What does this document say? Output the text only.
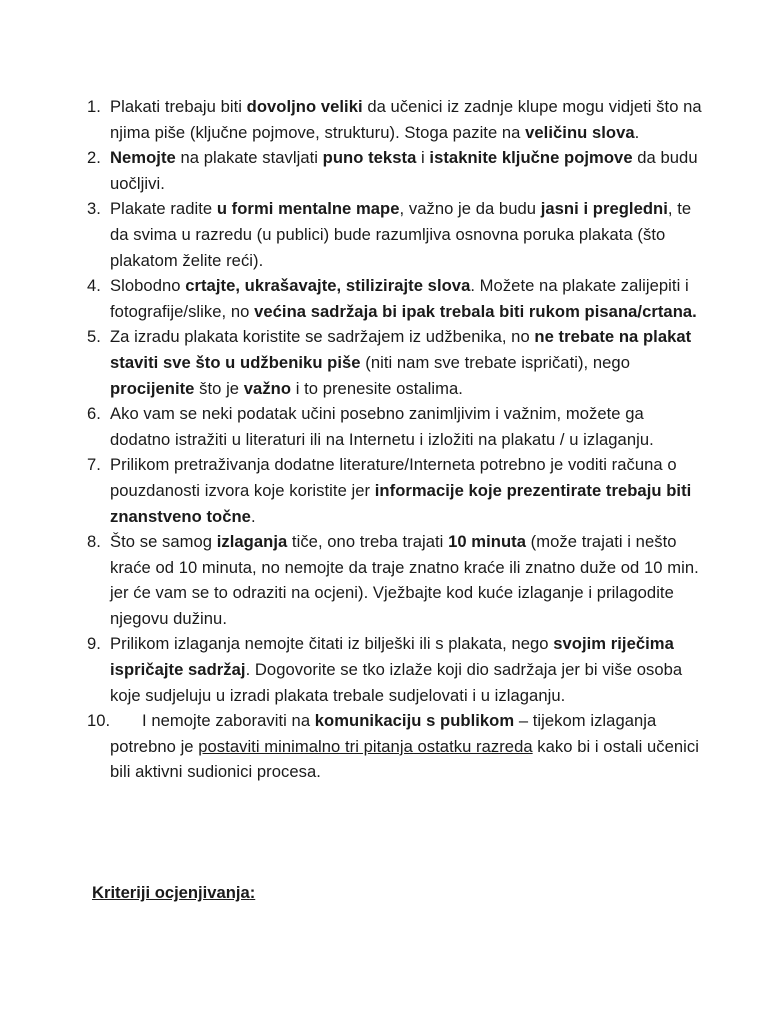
1. Plakati trebaju biti dovoljno veliki da učenici iz zadnje klupe mogu vidjeti što na njima piše (ključne pojmove, strukturu). Stoga pazite na veličinu slova.
2. Nemojte na plakate stavljati puno teksta i istaknite ključne pojmove da budu uočljivi.
3. Plakate radite u formi mentalne mape, važno je da budu jasni i pregledni, te da svima u razredu (u publici) bude razumljiva osnovna poruka plakata (što plakatom želite reći).
4. Slobodno crtajte, ukrašavajte, stilizirajte slova. Možete na plakate zalijepiti i fotografije/slike, no većina sadržaja bi ipak trebala biti rukom pisana/crtana.
5. Za izradu plakata koristite se sadržajem iz udžbenika, no ne trebate na plakat staviti sve što u udžbeniku piše (niti nam sve trebate ispričati), nego procijenite što je važno i to prenesite ostalima.
6. Ako vam se neki podatak učini posebno zanimljivim i važnim, možete ga dodatno istražiti u literaturi ili na Internetu i izložiti na plakatu / u izlaganju.
7. Prilikom pretraživanja dodatne literature/Interneta potrebno je voditi računa o pouzdanosti izvora koje koristite jer informacije koje prezentirate trebaju biti znanstveno točne.
8. Što se samog izlaganja tiče, ono treba trajati 10 minuta (može trajati i nešto kraće od 10 minuta, no nemojte da traje znatno kraće ili znatno duže od 10 min. jer će vam se to odraziti na ocjeni). Vježbajte kod kuće izlaganje i prilagodite njegovu dužinu.
9. Prilikom izlaganja nemojte čitati iz bilješki ili s plakata, nego svojim riječima ispričajte sadržaj. Dogovorite se tko izlaže koji dio sadržaja jer bi više osoba koje sudjeluju u izradi plakata trebale sudjelovati i u izlaganju.
10. I nemojte zaboraviti na komunikaciju s publikom – tijekom izlaganja potrebno je postaviti minimalno tri pitanja ostatku razreda kako bi i ostali učenici bili aktivni sudionici procesa.
Kriteriji ocjenjivanja:
